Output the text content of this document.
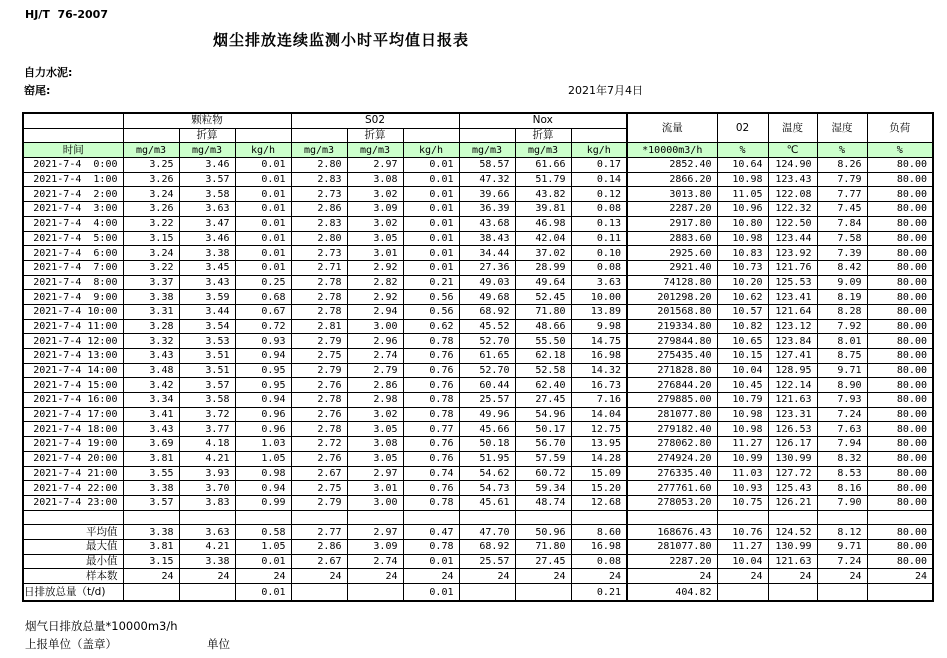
HJ/T  76-2007
烟尘排放连续监测小时平均值日报表
自力水泥:
窑尾:	2021年7月4日
	颗粒物			S02			Nox			流量	02	温度	湿度	负荷
		折算			折算			折算						
时间	mg/m3	mg/m3	kg/h	mg/m3	mg/m3	kg/h	mg/m3	mg/m3	kg/h	*10000m3/h	%	℃	%	%
2021-7-4  0:00	3.25	3.46	0.01	2.80	2.97	0.01	58.57	61.66	0.17	2852.40	10.64	124.90	8.26	80.00
2021-7-4  1:00	3.26	3.57	0.01	2.83	3.08	0.01	47.32	51.79	0.14	2866.20	10.98	123.43	7.79	80.00
2021-7-4  2:00	3.24	3.58	0.01	2.73	3.02	0.01	39.66	43.82	0.12	3013.80	11.05	122.08	7.77	80.00
2021-7-4  3:00	3.26	3.63	0.01	2.86	3.09	0.01	36.39	39.81	0.08	2287.20	10.96	122.32	7.45	80.00
2021-7-4  4:00	3.22	3.47	0.01	2.83	3.02	0.01	43.68	46.98	0.13	2917.80	10.80	122.50	7.84	80.00
2021-7-4  5:00	3.15	3.46	0.01	2.80	3.05	0.01	38.43	42.04	0.11	2883.60	10.98	123.44	7.58	80.00
2021-7-4  6:00	3.24	3.38	0.01	2.73	3.01	0.01	34.44	37.02	0.10	2925.60	10.83	123.92	7.39	80.00
2021-7-4  7:00	3.22	3.45	0.01	2.71	2.92	0.01	27.36	28.99	0.08	2921.40	10.73	121.76	8.42	80.00
2021-7-4  8:00	3.37	3.43	0.25	2.78	2.82	0.21	49.03	49.64	3.63	74128.80	10.20	125.53	9.09	80.00
2021-7-4  9:00	3.38	3.59	0.68	2.78	2.92	0.56	49.68	52.45	10.00	201298.20	10.62	123.41	8.19	80.00
2021-7-4 10:00	3.31	3.44	0.67	2.78	2.94	0.56	68.92	71.80	13.89	201568.80	10.57	121.64	8.28	80.00
2021-7-4 11:00	3.28	3.54	0.72	2.81	3.00	0.62	45.52	48.66	9.98	219334.80	10.82	123.12	7.92	80.00
2021-7-4 12:00	3.32	3.53	0.93	2.79	2.96	0.78	52.70	55.50	14.75	279844.80	10.65	123.84	8.01	80.00
2021-7-4 13:00	3.43	3.51	0.94	2.75	2.74	0.76	61.65	62.18	16.98	275435.40	10.15	127.41	8.75	80.00
2021-7-4 14:00	3.48	3.51	0.95	2.79	2.79	0.76	52.70	52.58	14.32	271828.80	10.04	128.95	9.71	80.00
2021-7-4 15:00	3.42	3.57	0.95	2.76	2.86	0.76	60.44	62.40	16.73	276844.20	10.45	122.14	8.90	80.00
2021-7-4 16:00	3.34	3.58	0.94	2.78	2.98	0.78	25.57	27.45	7.16	279885.00	10.79	121.63	7.93	80.00
2021-7-4 17:00	3.41	3.72	0.96	2.76	3.02	0.78	49.96	54.96	14.04	281077.80	10.98	123.31	7.24	80.00
2021-7-4 18:00	3.43	3.77	0.96	2.78	3.05	0.77	45.66	50.17	12.75	279182.40	10.98	126.53	7.63	80.00
2021-7-4 19:00	3.69	4.18	1.03	2.72	3.08	0.76	50.18	56.70	13.95	278062.80	11.27	126.17	7.94	80.00
2021-7-4 20:00	3.81	4.21	1.05	2.76	3.05	0.76	51.95	57.59	14.28	274924.20	10.99	130.99	8.32	80.00
2021-7-4 21:00	3.55	3.93	0.98	2.67	2.97	0.74	54.62	60.72	15.09	276335.40	11.03	127.72	8.53	80.00
2021-7-4 22:00	3.38	3.70	0.94	2.75	3.01	0.76	54.73	59.34	15.20	277761.60	10.93	125.43	8.16	80.00
2021-7-4 23:00	3.57	3.83	0.99	2.79	3.00	0.78	45.61	48.74	12.68	278053.20	10.75	126.21	7.90	80.00

平均值	3.38	3.63	0.58	2.77	2.97	0.47	47.70	50.96	8.60	168676.43	10.76	124.52	8.12	80.00
最大值	3.81	4.21	1.05	2.86	3.09	0.78	68.92	71.80	16.98	281077.80	11.27	130.99	9.71	80.00
最小值	3.15	3.38	0.01	2.67	2.74	0.01	25.57	27.45	0.08	2287.20	10.04	121.63	7.24	80.00
样本数	24	24	24	24	24	24	24	24	24	24	24	24	24	24
日排放总量（t/d)			0.01			0.01			0.21	404.82				
烟气日排放总量*10000m3/h
上报单位（盖章）	单位
